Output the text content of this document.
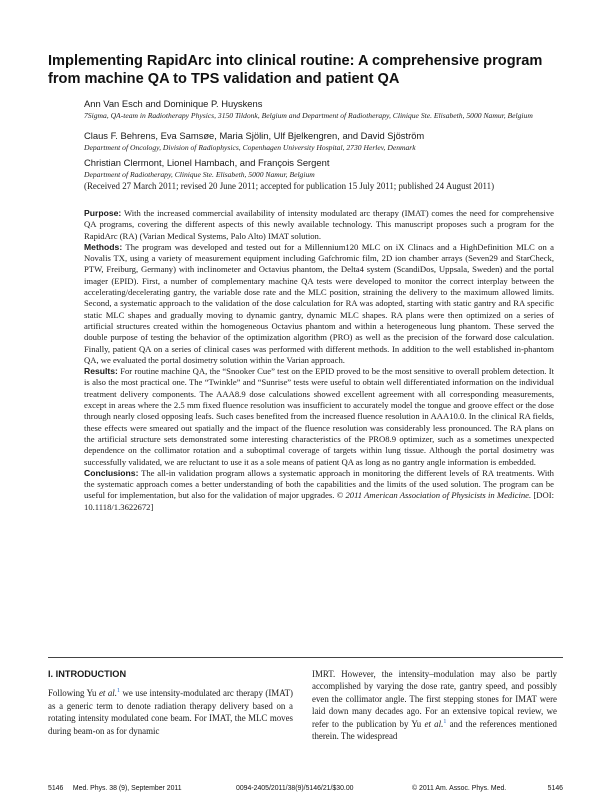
Implementing RapidArc into clinical routine: A comprehensive program from machine QA to TPS validation and patient QA

Ann Van Esch and Dominique P. Huyskens

7Sigma, QA-team in Radiotherapy Physics, 3150 Tildonk, Belgium and Department of Radiotherapy, Clinique Ste. Elisabeth, 5000 Namur, Belgium

Claus F. Behrens, Eva Samsøe, Maria Sjölin, Ulf Bjelkengren, and David Sjöström

Department of Oncology, Division of Radiophysics, Copenhagen University Hospital, 2730 Herlev, Denmark

Christian Clermont, Lionel Hambach, and François Sergent

Department of Radiotherapy, Clinique Ste. Elisabeth, 5000 Namur, Belgium

(Received 27 March 2011; revised 20 June 2011; accepted for publication 15 July 2011; published 24 August 2011)

Purpose: With the increased commercial availability of intensity modulated arc therapy (IMAT) comes the need for comprehensive QA programs, covering the different aspects of this newly available technology. This manuscript proposes such a program for the RapidArc (RA) (Varian Medical Systems, Palo Alto) IMAT solution.

Methods: The program was developed and tested out for a Millennium120 MLC on iX Clinacs and a HighDefinition MLC on a Novalis TX, using a variety of measurement equipment including Gafchromic film, 2D ion chamber arrays (Seven29 and StarCheck, PTW, Freiburg, Germany) with inclinometer and Octavius phantom, the Delta4 system (ScandiDos, Uppsala, Sweden) and the portal imager (EPID). First, a number of complementary machine QA tests were developed to monitor the correct interplay between the accelerating/decelerating gantry, the variable dose rate and the MLC position, straining the delivery to the maximum allowed limits. Second, a systematic approach to the validation of the dose calculation for RA was adopted, starting with static gantry and RA specific static MLC shapes and gradually moving to dynamic gantry, dynamic MLC shapes. RA plans were then optimized on a series of artificial structures created within the homogeneous Octavius phantom and within a heterogeneous lung phantom. These served the double purpose of testing the behavior of the optimization algorithm (PRO) as well as the precision of the forward dose calculation. Finally, patient QA on a series of clinical cases was performed with different methods. In addition to the well established in-phantom QA, we evaluated the portal dosimetry solution within the Varian approach.

Results: For routine machine QA, the “Snooker Cue” test on the EPID proved to be the most sensitive to overall problem detection. It is also the most practical one. The “Twinkle” and “Sunrise” tests were useful to obtain well differentiated information on the individual treatment delivery components. The AAA8.9 dose calculations showed excellent agreement with all corresponding measurements, except in areas where the 2.5 mm fixed fluence resolution was insufficient to accurately model the tongue and groove effect or the dose through nearly closed opposing leafs. Such cases benefited from the increased fluence resolution in AAA10.0. In the clinical RA fields, these effects were smeared out spatially and the impact of the fluence resolution was considerably less pronounced. The RA plans on the artificial structure sets demonstrated some interesting characteristics of the PRO8.9 optimizer, such as a sometimes unexpected dependence on the collimator rotation and a suboptimal coverage of targets within lung tissue. Although the portal dosimetry was successfully validated, we are reluctant to use it as a sole means of patient QA as long as no gantry angle information is embedded.

Conclusions: The all-in validation program allows a systematic approach in monitoring the different levels of RA treatments. With the systematic approach comes a better understanding of both the capabilities and the limits of the used solution. The program can be useful for implementation, but also for the validation of major upgrades. © 2011 American Association of Physicists in Medicine. [DOI: 10.1118/1.3622672]

I. INTRODUCTION

Following Yu et al.$^1$ we use intensity-modulated arc therapy (IMAT) as a generic term to denote radiation therapy delivery based on a rotating intensity modulated cone beam. For IMAT, the MLC moves during beam-on as for dynamic

IMRT. However, the intensity–modulation may also be partly accomplished by varying the dose rate, gantry speed, and possibly even the collimator angle. The first stepping stones for IMAT were laid down many decades ago. For an extensive topical review, we refer to the publication by Yu et al.$^1$ and the references mentioned therein. The widespread

5146     Med. Phys. 38 (9), September 2011	0094-2405/2011/38(9)/5146/21/$30.00	© 2011 Am. Assoc. Phys. Med.	5146
